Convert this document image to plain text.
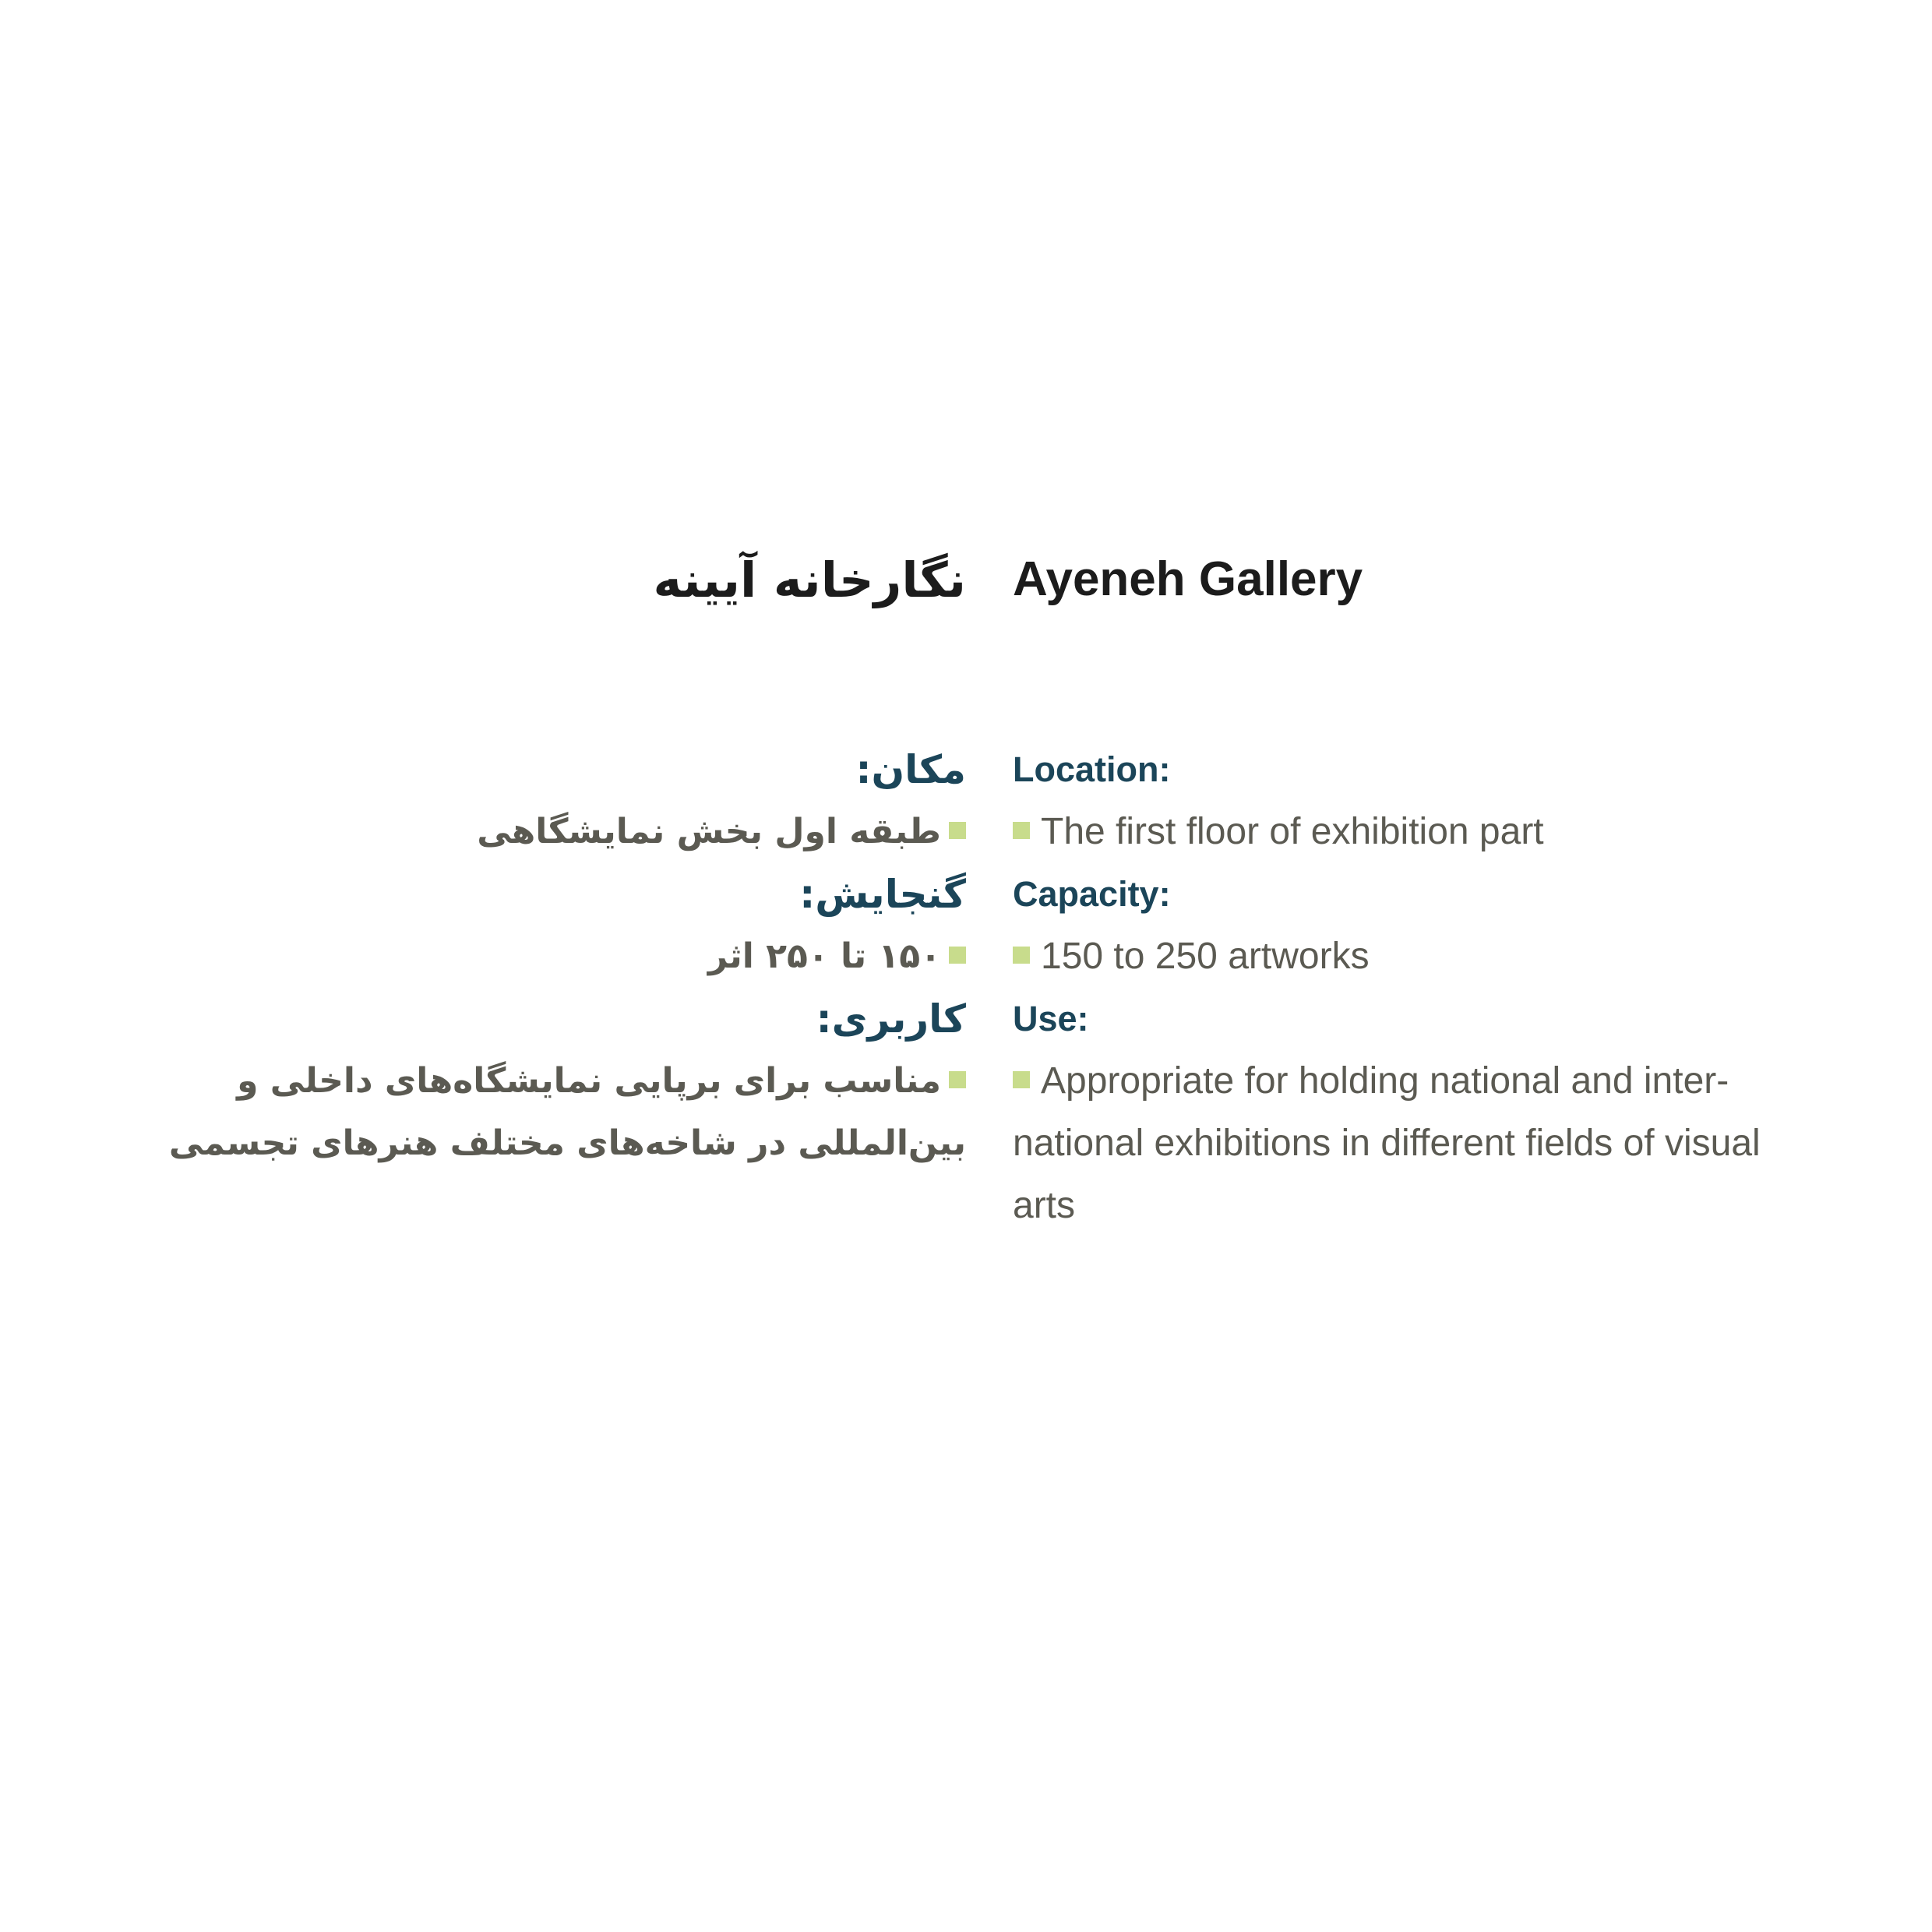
نگارخانه آیینه
مکان:
طبقه اول بخش نمایشگاهی
گنجایش:
۱۵۰ تا ۲۵۰ اثر
کاربری:
مناسب برای برپایی نمایشگاه‌های داخلی و بین‌المللی در شاخه‌های مختلف هنرهای تجسمی
Ayeneh Gallery
Location:
The first floor of exhibition part
Capacity:
150 to 250 artworks
Use:
Appropriate for holding national and inter-national exhibitions in different fields of visual arts
